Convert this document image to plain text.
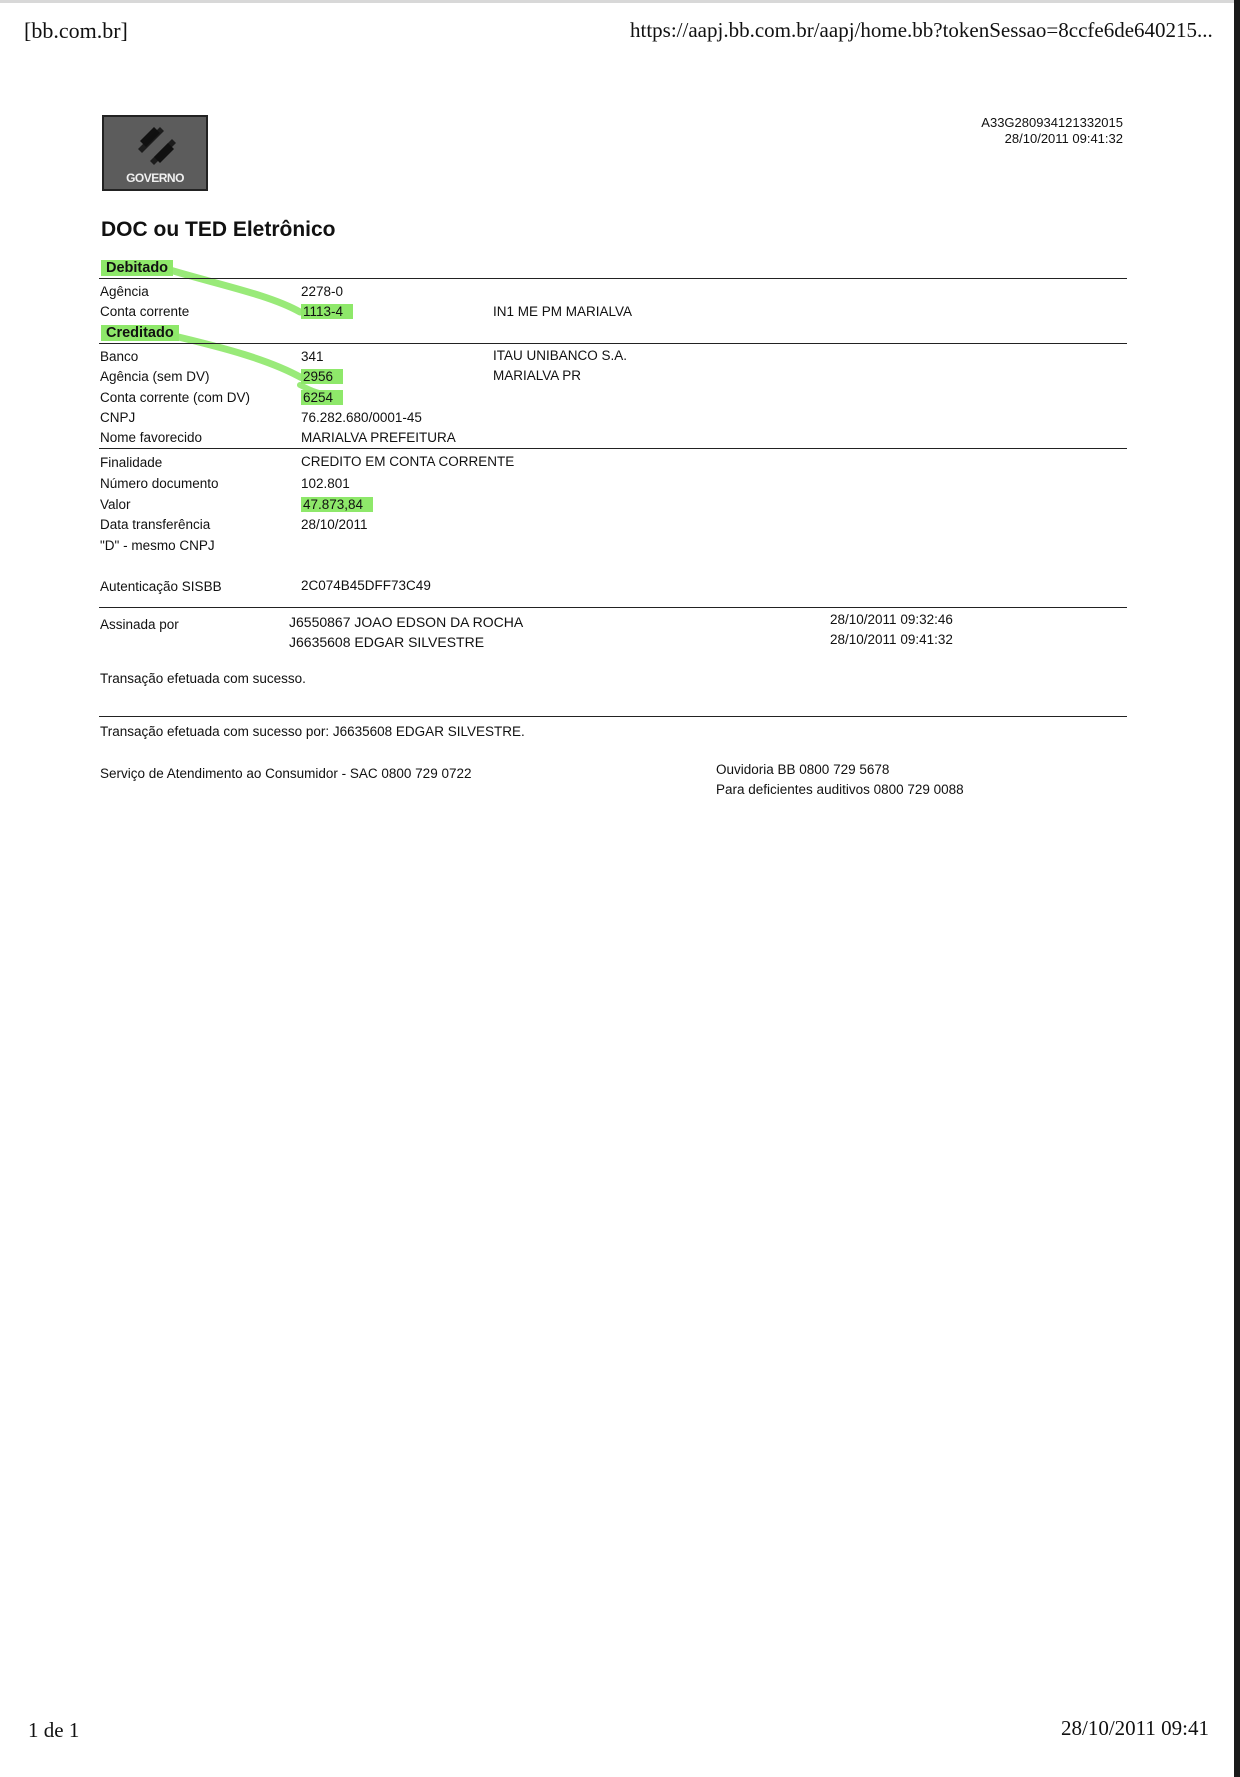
[bb.com.br]	https://aapj.bb.com.br/aapj/home.bb?tokenSessao=8ccfe6de640215...
1 de 1	28/10/2011 09:41
GOVERNO
A33G280934121332015
28/10/2011 09:41:32
DOC ou TED Eletrônico
Debitado
Agência	2278-0
Conta corrente	1113-4	IN1 ME PM MARIALVA
Creditado
Banco	341	ITAU UNIBANCO S.A.
Agência (sem DV)	2956	MARIALVA PR
Conta corrente (com DV)	6254
CNPJ	76.282.680/0001-45
Nome favorecido	MARIALVA PREFEITURA
Finalidade	CREDITO EM CONTA CORRENTE
Número documento	102.801
Valor	47.873,84
Data transferência	28/10/2011
"D" - mesmo CNPJ
Autenticação SISBB	2C074B45DFF73C49
Assinada por	J6550867 JOAO EDSON DA ROCHA	28/10/2011 09:32:46
J6635608 EDGAR SILVESTRE	28/10/2011 09:41:32
Transação efetuada com sucesso.
Transação efetuada com sucesso por: J6635608 EDGAR SILVESTRE.
Serviço de Atendimento ao Consumidor - SAC 0800 729 0722	Ouvidoria BB 0800 729 5678
Para deficientes auditivos 0800 729 0088
